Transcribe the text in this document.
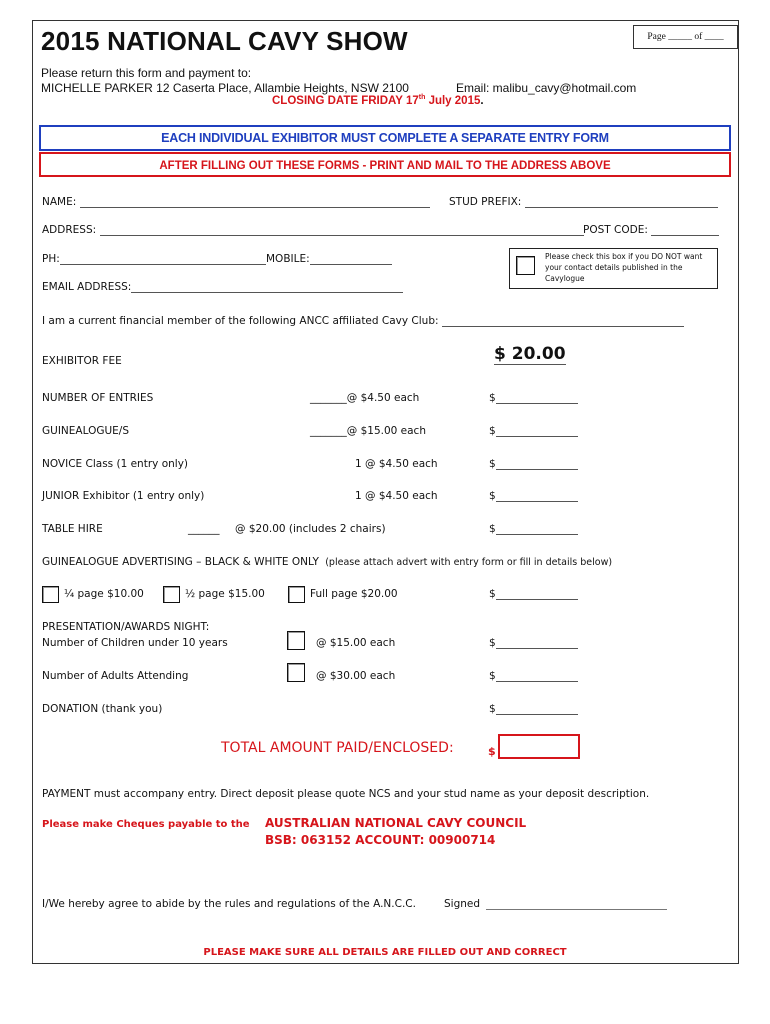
2015 NATIONAL CAVY SHOW	Page _____ of ____
Please return this form and payment to:
MICHELLE PARKER 12 Caserta Place, Allambie Heights, NSW 2100	Email: malibu_cavy@hotmail.com
CLOSING DATE FRIDAY 17th July 2015.
EACH INDIVIDUAL EXHIBITOR MUST COMPLETE A SEPARATE ENTRY FORM
AFTER FILLING OUT THESE FORMS - PRINT AND MAIL TO THE ADDRESS ABOVE
NAME:	STUD PREFIX:
ADDRESS:	POST CODE:
PH:	MOBILE:	Please check this box if you DO NOT want your contact details published in the Cavylogue
EMAIL ADDRESS:
I am a current financial member of the following ANCC affiliated Cavy Club:
EXHIBITOR FEE	$ 20.00
NUMBER OF ENTRIES	_______@ $4.50 each	$
GUINEALOGUE/S	_______@ $15.00 each	$
NOVICE Class (1 entry only)	1 @ $4.50 each	$
JUNIOR Exhibitor (1 entry only)	1 @ $4.50 each	$
TABLE HIRE	______ @ $20.00 (includes 2 chairs)	$
GUINEALOGUE ADVERTISING – BLACK & WHITE ONLY (please attach advert with entry form or fill in details below)
¼ page $10.00	½ page $15.00	Full page $20.00	$
PRESENTATION/AWARDS NIGHT:
Number of Children under 10 years	@ $15.00 each	$
Number of Adults Attending	@ $30.00 each	$
DONATION (thank you)	$
TOTAL AMOUNT PAID/ENCLOSED:	$
PAYMENT must accompany entry. Direct deposit please quote NCS and your stud name as your deposit description.
Please make Cheques payable to the AUSTRALIAN NATIONAL CAVY COUNCIL
BSB: 063152 ACCOUNT: 00900714
I/We hereby agree to abide by the rules and regulations of the A.N.C.C.	Signed
PLEASE MAKE SURE ALL DETAILS ARE FILLED OUT AND CORRECT
